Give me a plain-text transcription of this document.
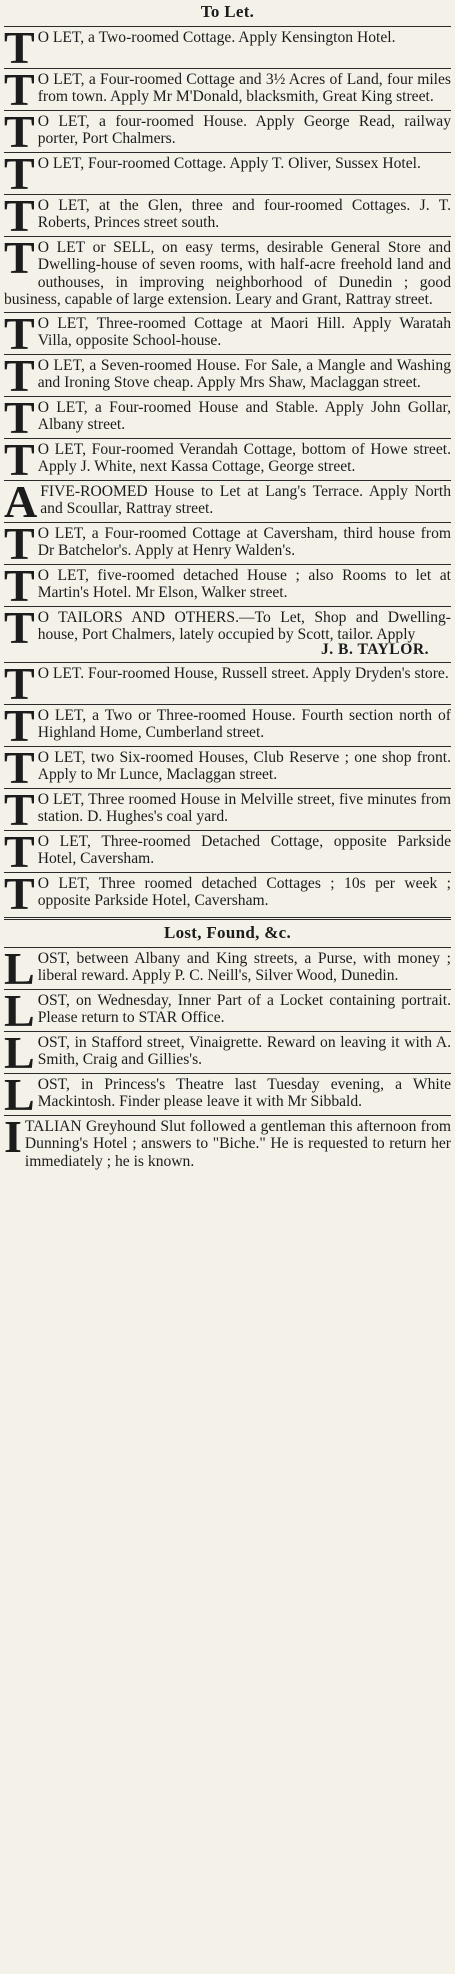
To Let.
T O LET, a Two-roomed Cottage. Apply Kensington Hotel.
T O LET, a Four-roomed Cottage and 3½ Acres of Land, four miles from town. Apply Mr M'Donald, blacksmith, Great King street.
T O LET, a four-roomed House. Apply George Read, railway porter, Port Chalmers.
T O LET, Four-roomed Cottage. Apply T. Oliver, Sussex Hotel.
T O LET, at the Glen, three and four-roomed Cottages. J. T. Roberts, Princes street south.
T O LET or SELL, on easy terms, desirable General Store and Dwelling-house of seven rooms, with half-acre freehold land and outhouses, in improving neighborhood of Dunedin ; good business, capable of large extension. Leary and Grant, Rattray street.
T O LET, Three-roomed Cottage at Maori Hill. Apply Waratah Villa, opposite School-house.
T O LET, a Seven-roomed House. For Sale, a Mangle and Washing and Ironing Stove cheap. Apply Mrs Shaw, Maclaggan street.
T O LET, a Four-roomed House and Stable. Apply John Gollar, Albany street.
T O LET, Four-roomed Verandah Cottage, bottom of Howe street. Apply J. White, next Kassa Cottage, George street.
AFIVE-ROOMED House to Let at Lang's Terrace. Apply North and Scoullar, Rattray street.
T O LET, a Four-roomed Cottage at Caversham, third house from Dr Batchelor's. Apply at Henry Walden's.
T O LET, five-roomed detached House ; also Rooms to let at Martin's Hotel. Mr Elson, Walker street.
T O TAILORS AND OTHERS.—To Let, Shop and Dwelling-house, Port Chalmers, lately occupied by Scott, tailor. Apply
J. B. TAYLOR.
T O LET. Four-roomed House, Russell street. Apply Dryden's store.
T O LET, a Two or Three-roomed House. Fourth section north of Highland Home, Cumberland street.
T O LET, two Six-roomed Houses, Club Reserve ; one shop front. Apply to Mr Lunce, Maclaggan street.
T O LET, Three roomed House in Melville street, five minutes from station. D. Hughes's coal yard.
T O LET, Three-roomed Detached Cottage, opposite Parkside Hotel, Caversham.
T O LET, Three roomed detached Cottages ; 10s per week ; opposite Parkside Hotel, Caversham.
Lost, Found, &c.
LOST, between Albany and King streets, a Purse, with money ; liberal reward. Apply P. C. Neill's, Silver Wood, Dunedin.
LOST, on Wednesday, Inner Part of a Locket containing portrait. Please return to STAR Office.
LOST, in Stafford street, Vinaigrette. Reward on leaving it with A. Smith, Craig and Gillies's.
LOST, in Princess's Theatre last Tuesday evening, a White Mackintosh. Finder please leave it with Mr Sibbald.
ITALIAN Greyhound Slut followed a gentleman this afternoon from Dunning's Hotel ; answers to "Biche." He is requested to return her immediately ; he is known.
